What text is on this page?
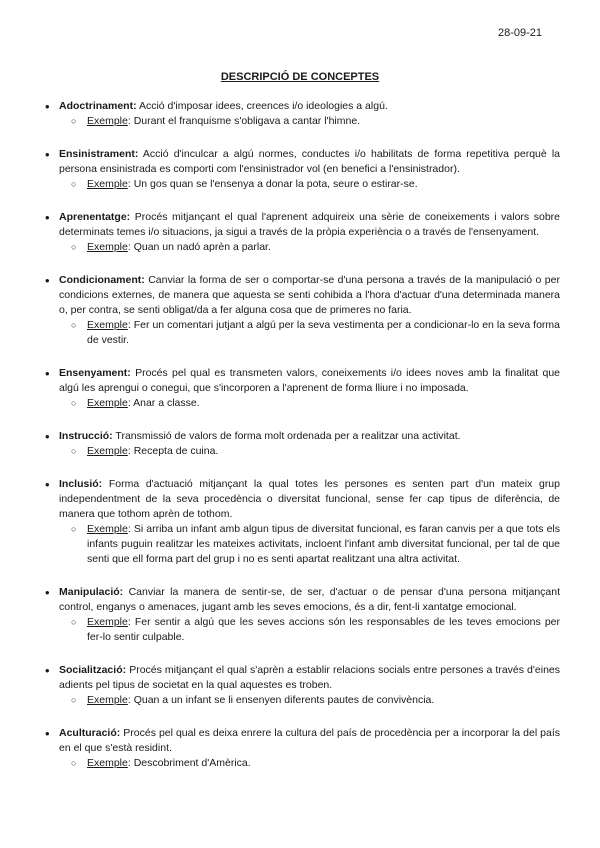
28-09-21
DESCRIPCIÓ DE CONCEPTES
• Adoctrinament: Acció d'imposar idees, creences i/o ideologies a algú.
○ Exemple: Durant el franquisme s'obligava a cantar l'himne.
• Ensinistrament: Acció d'inculcar a algú normes, conductes i/o habilitats de forma repetitiva perquè la persona ensinistrada es comporti com l'ensinistrador vol (en benefici a l'ensinistrador).
○ Exemple: Un gos quan se l'ensenya a donar la pota, seure o estirar-se.
• Aprenentatge: Procés mitjançant el qual l'aprenent adquireix una sèrie de coneixements i valors sobre determinats temes i/o situacions, ja sigui a través de la pròpia experiència o a través de l'ensenyament.
○ Exemple: Quan un nadó aprèn a parlar.
• Condicionament: Canviar la forma de ser o comportar-se d'una persona a través de la manipulació o per condicions externes, de manera que aquesta se senti cohibida a l'hora d'actuar d'una determinada manera o, per contra, se senti obligat/da a fer alguna cosa que de primeres no faria.
○ Exemple: Fer un comentari jutjant a algú per la seva vestimenta per a condicionar-lo en la seva forma de vestir.
• Ensenyament: Procés pel qual es transmeten valors, coneixements i/o idees noves amb la finalitat que algú les aprengui o conegui, que s'incorporen a l'aprenent de forma lliure i no imposada.
○ Exemple: Anar a classe.
• Instrucció: Transmissió de valors de forma molt ordenada per a realitzar una activitat.
○ Exemple: Recepta de cuina.
• Inclusió: Forma d'actuació mitjançant la qual totes les persones es senten part d'un mateix grup independentment de la seva procedència o diversitat funcional, sense fer cap tipus de diferència, de manera que tothom aprèn de tothom.
○ Exemple: Si arriba un infant amb algun tipus de diversitat funcional, es faran canvis per a que tots els infants puguin realitzar les mateixes activitats, incloent l'infant amb diversitat funcional, per tal de que senti que ell forma part del grup i no es senti apartat realitzant una altra activitat.
• Manipulació: Canviar la manera de sentir-se, de ser, d'actuar o de pensar d'una persona mitjançant control, enganys o amenaces, jugant amb les seves emocions, és a dir, fent-li xantatge emocional.
○ Exemple: Fer sentir a algú que les seves accions són les responsables de les teves emocions per fer-lo sentir culpable.
• Socialització: Procés mitjançant el qual s'aprèn a establir relacions socials entre persones a través d'eines adients pel tipus de societat en la qual aquestes es troben.
○ Exemple: Quan a un infant se li ensenyen diferents pautes de convivència.
• Aculturació: Procés pel qual es deixa enrere la cultura del país de procedència per a incorporar la del país en el que s'està residint.
○ Exemple: Descobriment d'Amèrica.
